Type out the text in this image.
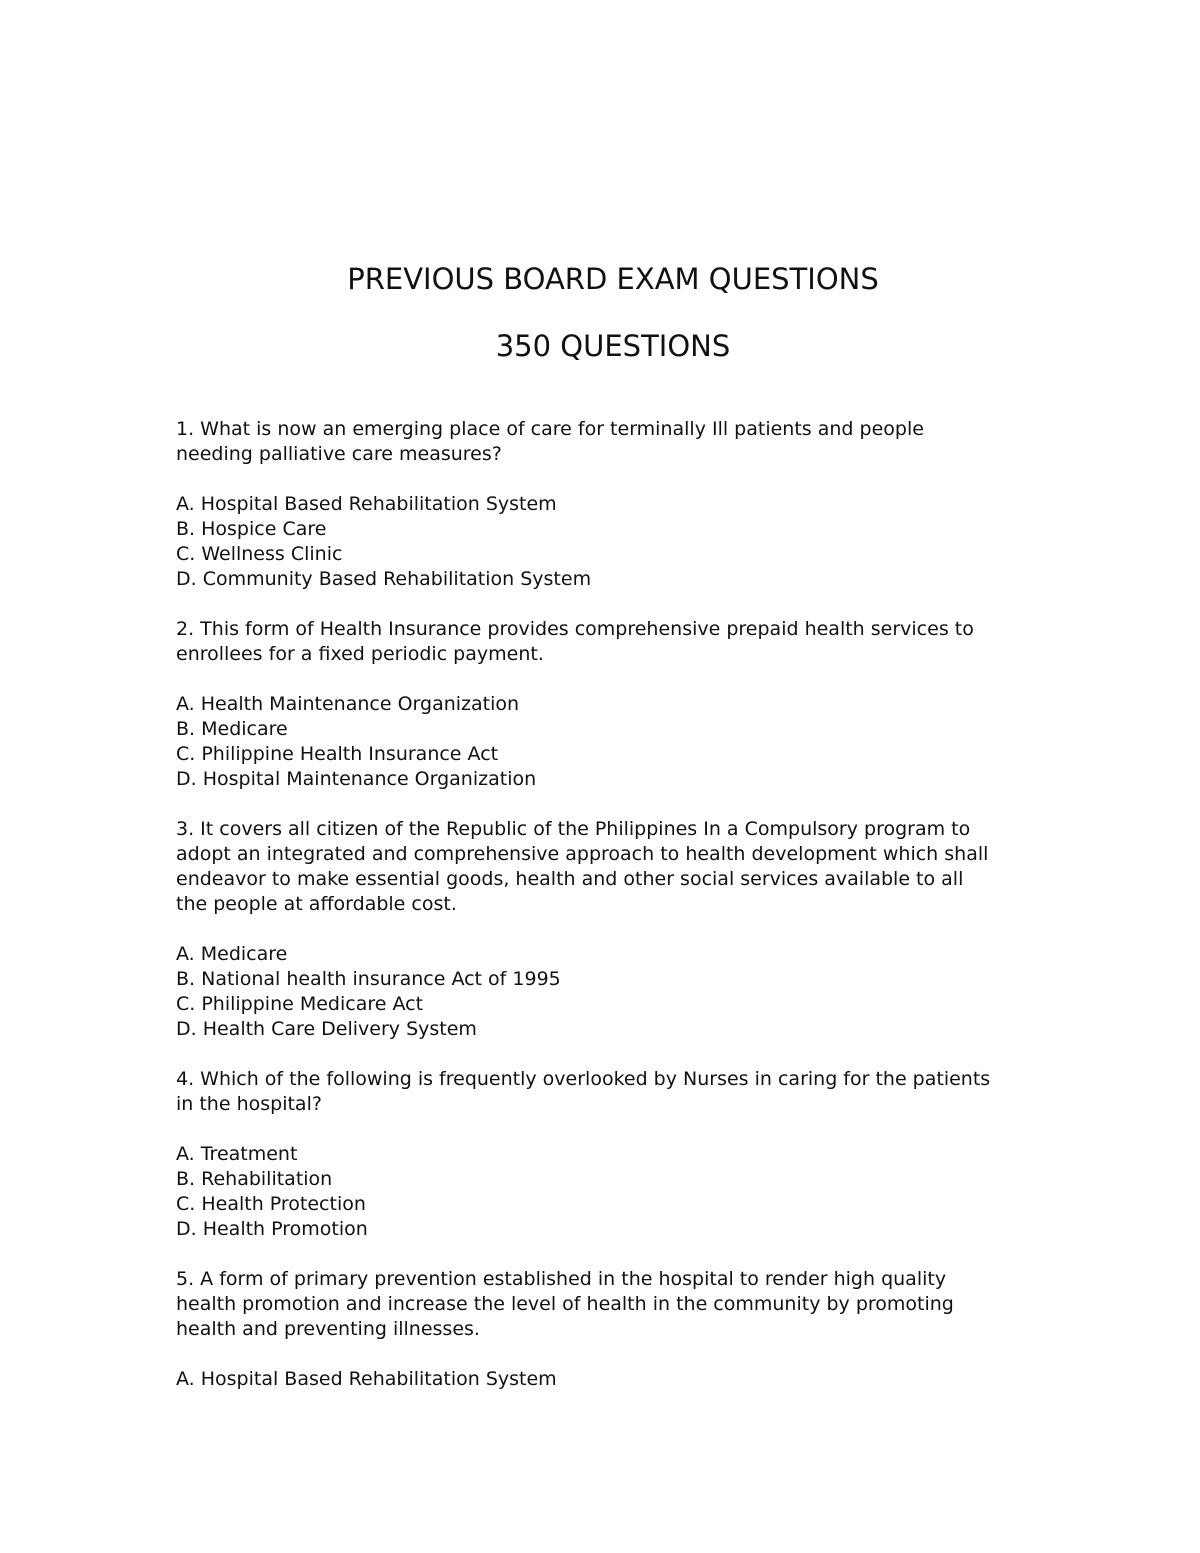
PREVIOUS BOARD EXAM QUESTIONS
350 QUESTIONS
1. What is now an emerging place of care for terminally Ill patients and people
needing palliative care measures?
A. Hospital Based Rehabilitation System
B. Hospice Care
C. Wellness Clinic
D. Community Based Rehabilitation System
2. This form of Health Insurance provides comprehensive prepaid health services to
enrollees for a fixed periodic payment.
A. Health Maintenance Organization
B. Medicare
C. Philippine Health Insurance Act
D. Hospital Maintenance Organization
3. It covers all citizen of the Republic of the Philippines In a Compulsory program to
adopt an integrated and comprehensive approach to health development which shall
endeavor to make essential goods, health and other social services available to all
the people at affordable cost.
A. Medicare
B. National health insurance Act of 1995
C. Philippine Medicare Act
D. Health Care Delivery System
4. Which of the following is frequently overlooked by Nurses in caring for the patients
in the hospital?
A. Treatment
B. Rehabilitation
C. Health Protection
D. Health Promotion
5. A form of primary prevention established in the hospital to render high quality
health promotion and increase the level of health in the community by promoting
health and preventing illnesses.
A. Hospital Based Rehabilitation System
